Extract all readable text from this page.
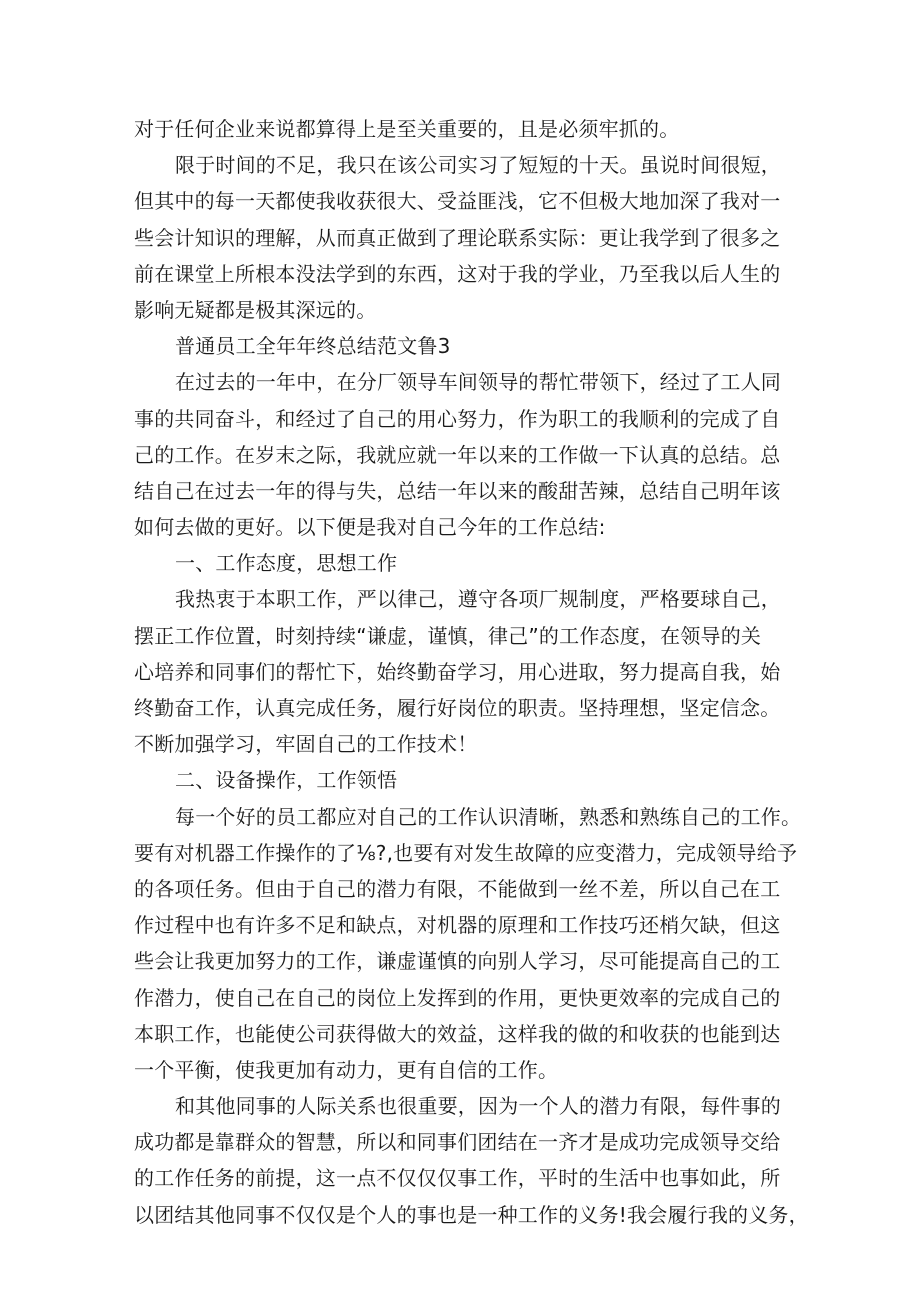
对于任何企业来说都算得上是至关重要的，且是必须牢抓的。
限于时间的不足，我只在该公司实习了短短的十天。虽说时间很短，
但其中的每一天都使我收获很大、受益匪浅，它不但极大地加深了我对一
些会计知识的理解，从而真正做到了理论联系实际：更让我学到了很多之
前在课堂上所根本没法学到的东西，这对于我的学业，乃至我以后人生的
影响无疑都是极其深远的。
普通员工全年年终总结范文鲁3
在过去的一年中，在分厂领导车间领导的帮忙带领下，经过了工人同
事的共同奋斗，和经过了自己的用心努力，作为职工的我顺利的完成了自
己的工作。在岁末之际，我就应就一年以来的工作做一下认真的总结。总
结自己在过去一年的得与失，总结一年以来的酸甜苦辣，总结自己明年该
如何去做的更好。以下便是我对自己今年的工作总结:
一、工作态度，思想工作
我热衷于本职工作，严以律己，遵守各项厂规制度，严格要球自己，
摆正工作位置，时刻持续“谦虚，谨慎，律己”的工作态度，在领导的关
心培养和同事们的帮忙下，始终勤奋学习，用心进取，努力提高自我，始
终勤奋工作，认真完成任务，履行好岗位的职责。坚持理想，坚定信念。
不断加强学习，牢固自己的工作技术！
二、设备操作，工作领悟
每一个好的员工都应对自己的工作认识清晰，熟悉和熟练自己的工作。
要有对机器工作操作的了⅛?,也要有对发生故障的应变潜力，完成领导给予
的各项任务。但由于自己的潜力有限，不能做到一丝不差，所以自己在工
作过程中也有许多不足和缺点，对机器的原理和工作技巧还梢欠缺，但这
些会让我更加努力的工作，谦虚谨慎的向别人学习，尽可能提高自己的工
作潜力，使自己在自己的岗位上发挥到的作用，更快更效率的完成自己的
本职工作，也能使公司获得做大的效益，这样我的做的和收获的也能到达
一个平衡，使我更加有动力，更有自信的工作。
和其他同事的人际关系也很重要，因为一个人的潜力有限，每件事的
成功都是靠群众的智慧，所以和同事们团结在一齐才是成功完成领导交给
的工作任务的前提，这一点不仅仅仅事工作，平时的生活中也事如此，所
以团结其他同事不仅仅是个人的事也是一种工作的义务!我会履行我的义务，
